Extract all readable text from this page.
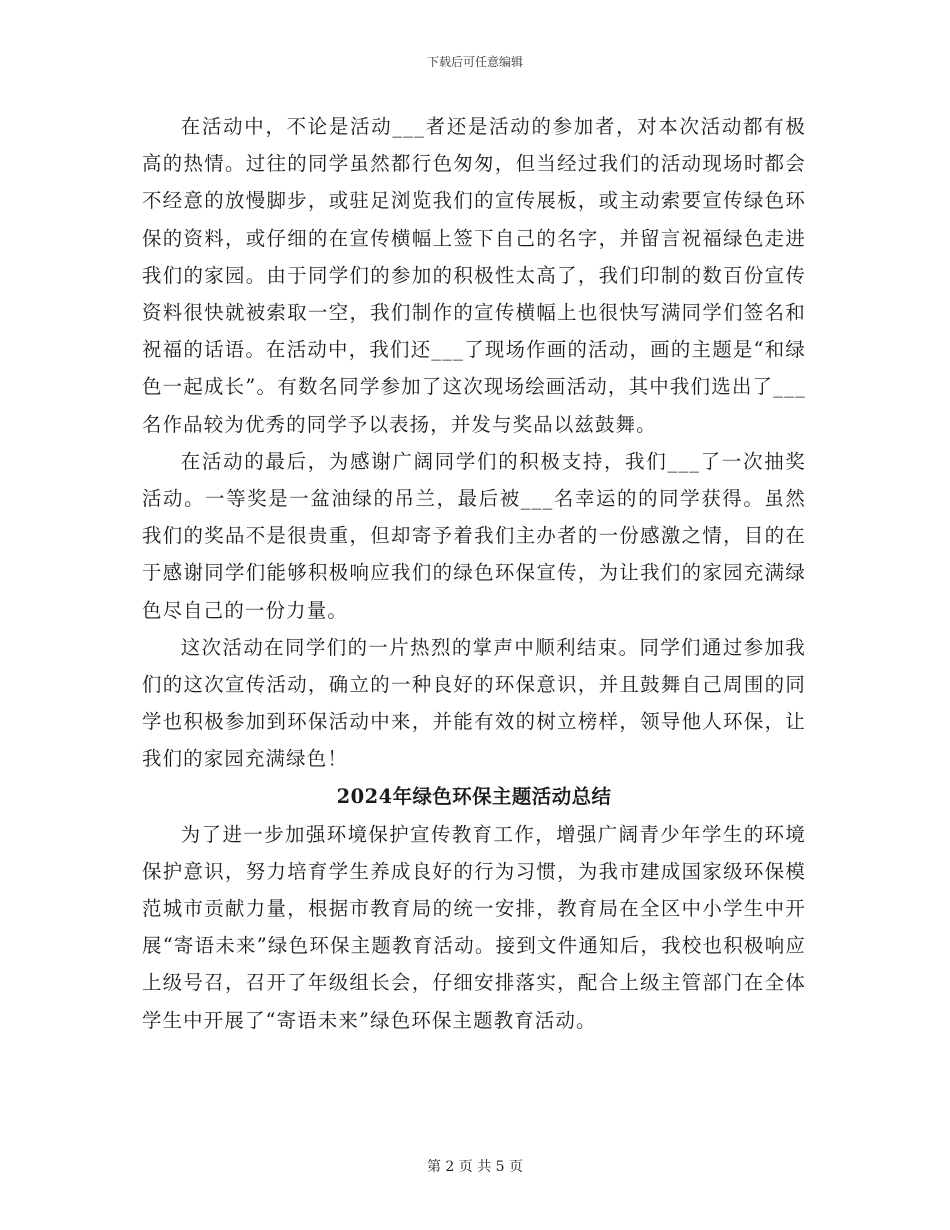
下载后可任意编辑

在活动中，不论是活动___者还是活动的参加者，对本次活动都有极高的热情。过往的同学虽然都行色匆匆，但当经过我们的活动现场时都会不经意的放慢脚步，或驻足浏览我们的宣传展板，或主动索要宣传绿色环保的资料，或仔细的在宣传横幅上签下自己的名字，并留言祝福绿色走进我们的家园。由于同学们的参加的积极性太高了，我们印制的数百份宣传资料很快就被索取一空，我们制作的宣传横幅上也很快写满同学们签名和祝福的话语。在活动中，我们还___了现场作画的活动，画的主题是“和绿色一起成长”。有数名同学参加了这次现场绘画活动，其中我们选出了___名作品较为优秀的同学予以表扬，并发与奖品以兹鼓舞。

在活动的最后，为感谢广阔同学们的积极支持，我们___了一次抽奖活动。一等奖是一盆油绿的吊兰，最后被___名幸运的的同学获得。虽然我们的奖品不是很贵重，但却寄予着我们主办者的一份感激之情，目的在于感谢同学们能够积极响应我们的绿色环保宣传，为让我们的家园充满绿色尽自己的一份力量。

这次活动在同学们的一片热烈的掌声中顺利结束。同学们通过参加我们的这次宣传活动，确立的一种良好的环保意识，并且鼓舞自己周围的同学也积极参加到环保活动中来，并能有效的树立榜样，领导他人环保，让我们的家园充满绿色！

2024年绿色环保主题活动总结

为了进一步加强环境保护宣传教育工作，增强广阔青少年学生的环境保护意识，努力培育学生养成良好的行为习惯，为我市建成国家级环保模范城市贡献力量，根据市教育局的统一安排，教育局在全区中小学生中开展“寄语未来”绿色环保主题教育活动。接到文件通知后，我校也积极响应上级号召，召开了年级组长会，仔细安排落实，配合上级主管部门在全体学生中开展了“寄语未来”绿色环保主题教育活动。

第 2 页 共 5 页
